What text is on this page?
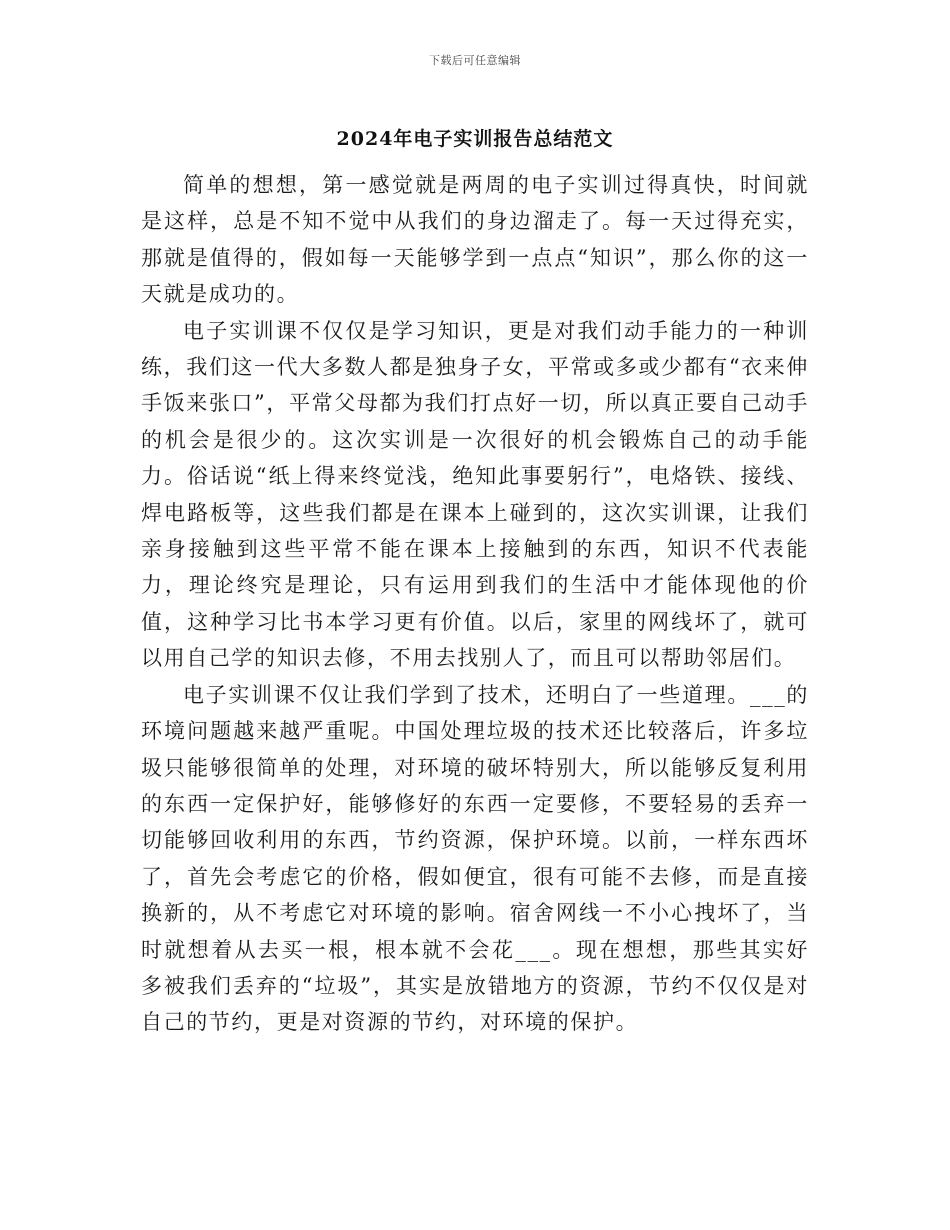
下载后可任意编辑
2024年电子实训报告总结范文

简单的想想，第一感觉就是两周的电子实训过得真快，时间就是这样，总是不知不觉中从我们的身边溜走了。每一天过得充实，那就是值得的，假如每一天能够学到一点点“知识”，那么你的这一天就是成功的。

电子实训课不仅仅是学习知识，更是对我们动手能力的一种训练，我们这一代大多数人都是独身子女，平常或多或少都有“衣来伸手饭来张口”，平常父母都为我们打点好一切，所以真正要自己动手的机会是很少的。这次实训是一次很好的机会锻炼自己的动手能力。俗话说“纸上得来终觉浅，绝知此事要躬行”，电烙铁、接线、焊电路板等，这些我们都是在课本上碰到的，这次实训课，让我们亲身接触到这些平常不能在课本上接触到的东西，知识不代表能力，理论终究是理论，只有运用到我们的生活中才能体现他的价值，这种学习比书本学习更有价值。以后，家里的网线坏了，就可以用自己学的知识去修，不用去找别人了，而且可以帮助邻居们。

电子实训课不仅让我们学到了技术，还明白了一些道理。___的环境问题越来越严重呢。中国处理垃圾的技术还比较落后，许多垃圾只能够很简单的处理，对环境的破坏特别大，所以能够反复利用的东西一定保护好，能够修好的东西一定要修，不要轻易的丢弃一切能够回收利用的东西，节约资源，保护环境。以前，一样东西坏了，首先会考虑它的价格，假如便宜，很有可能不去修，而是直接换新的，从不考虑它对环境的影响。宿舍网线一不小心拽坏了，当时就想着从去买一根，根本就不会花___。现在想想，那些其实好多被我们丢弃的“垃圾”，其实是放错地方的资源，节约不仅仅是对自己的节约，更是对资源的节约，对环境的保护。
